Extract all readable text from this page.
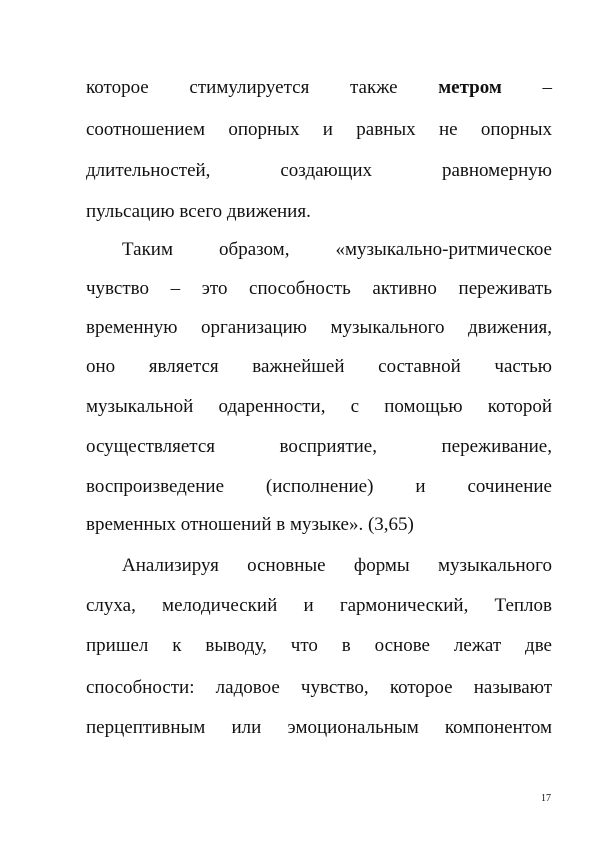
которое стимулируется также метром –
соотношением опорных и равных не опорных
длительностей, создающих равномерную
пульсацию всего движения.
Таким образом, «музыкально-ритмическое
чувство – это способность активно переживать
временную организацию музыкального движения,
оно является важнейшей составной частью
музыкальной одаренности, с помощью которой
осуществляется восприятие, переживание,
воспроизведение (исполнение) и сочинение
временных отношений в музыке». (3,65)
Анализируя основные формы музыкального
слуха, мелодический и гармонический, Теплов
пришел к выводу, что в основе лежат две
способности: ладовое чувство, которое называют
перцептивным или эмоциональным компонентом
17
